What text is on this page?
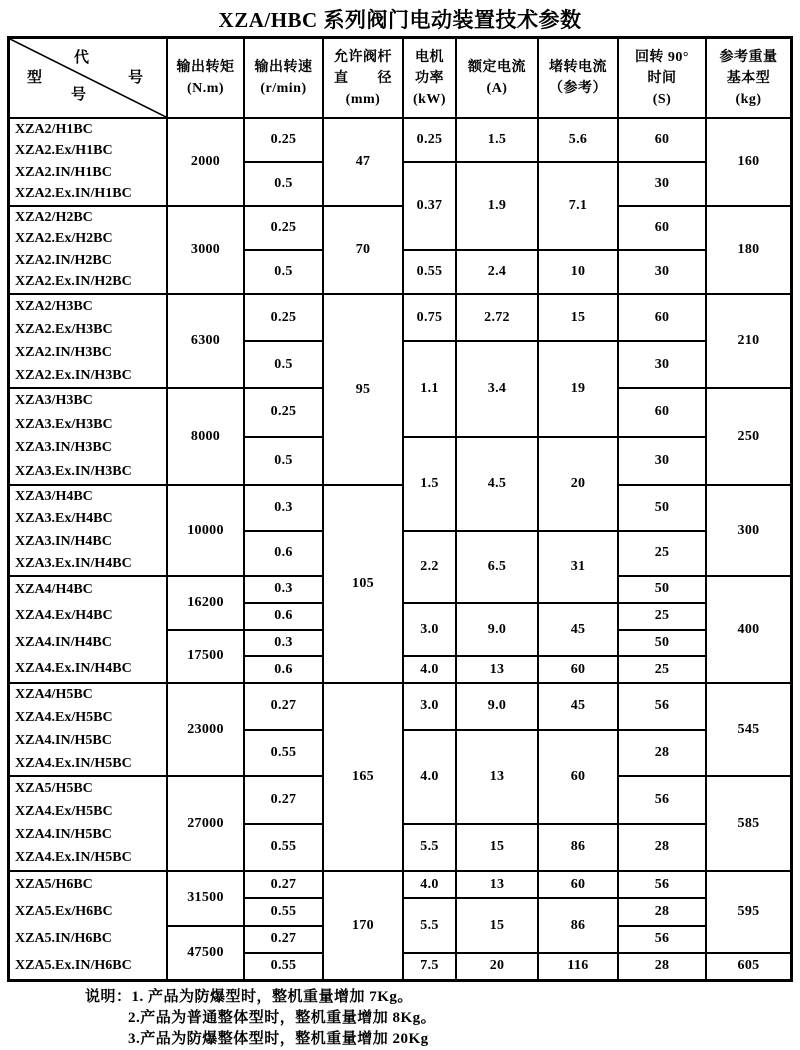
XZA/HBC 系列阀门电动装置技术参数
代
号
型
号
输出转矩
(N.m)
输出转速
(r/min)
允许阀杆
直　　径
(mm)
电机
功率
(kW)
额定电流
(A)
堵转电流
（参考）
回转 90°
时间
(S)
参考重量
基本型
(kg)
XZA2/H1BC
XZA2.Ex/H1BC
XZA2.IN/H1BC
XZA2.Ex.IN/H1BC
XZA2/H2BC
XZA2.Ex/H2BC
XZA2.IN/H2BC
XZA2.Ex.IN/H2BC
XZA2/H3BC
XZA2.Ex/H3BC
XZA2.IN/H3BC
XZA2.Ex.IN/H3BC
XZA3/H3BC
XZA3.Ex/H3BC
XZA3.IN/H3BC
XZA3.Ex.IN/H3BC
XZA3/H4BC
XZA3.Ex/H4BC
XZA3.IN/H4BC
XZA3.Ex.IN/H4BC
XZA4/H4BC
XZA4.Ex/H4BC
XZA4.IN/H4BC
XZA4.Ex.IN/H4BC
XZA4/H5BC
XZA4.Ex/H5BC
XZA4.IN/H5BC
XZA4.Ex.IN/H5BC
XZA5/H5BC
XZA4.Ex/H5BC
XZA4.IN/H5BC
XZA4.Ex.IN/H5BC
XZA5/H6BC
XZA5.Ex/H6BC
XZA5.IN/H6BC
XZA5.Ex.IN/H6BC
2000
3000
6300
8000
10000
16200
17500
23000
27000
31500
47500
0.25
0.5
0.25
0.5
0.25
0.5
0.25
0.5
0.3
0.6
0.3
0.6
0.3
0.6
0.27
0.55
0.27
0.55
0.27
0.55
0.27
0.55
47
70
95
105
165
170
0.25
0.37
0.55
0.75
1.1
1.5
2.2
3.0
4.0
3.0
4.0
5.5
4.0
5.5
7.5
1.5
1.9
2.4
2.72
3.4
4.5
6.5
9.0
13
9.0
13
15
13
15
20
5.6
7.1
10
15
19
20
31
45
60
45
60
86
60
86
116
60
30
60
30
60
30
60
30
50
25
50
25
50
25
56
28
56
28
56
28
56
28
160
180
210
250
300
400
545
585
595
605
说明：1. 产品为防爆型时，整机重量增加 7Kg。
2.产品为普通整体型时，整机重量增加 8Kg。
3.产品为防爆整体型时，整机重量增加 20Kg
